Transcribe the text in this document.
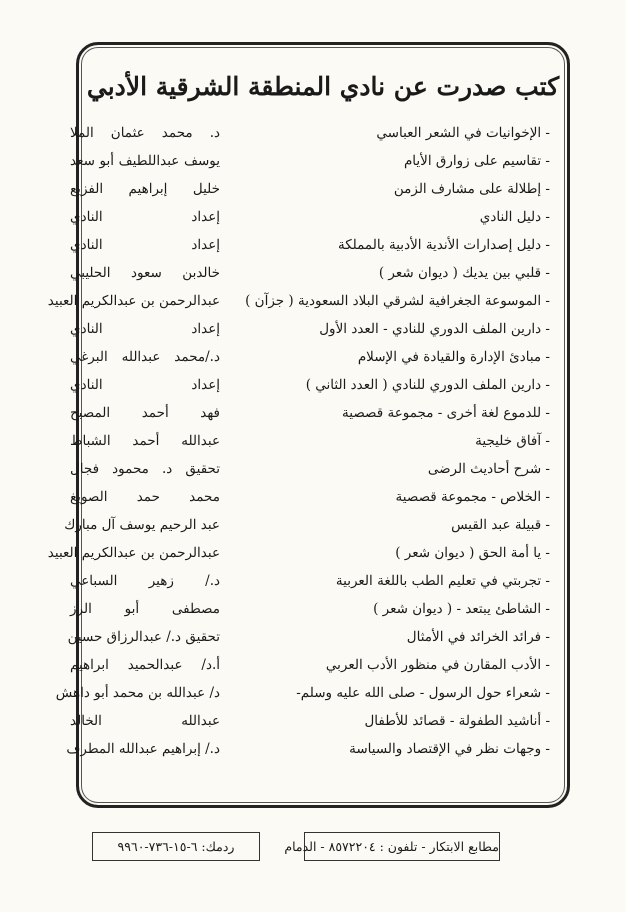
كتب صدرت عن نادي المنطقة الشرقية الأدبي
- الإخوانيات في الشعر العباسي
د. محمد عثمان الملا
- تقاسيم على زوارق الأيام
يوسف عبداللطيف أبو سعد
- إطلالة على مشارف الزمن
خليل إبراهيم الفزيع
- دليل النادي
إعداد النادي
- دليل إصدارات الأندية الأدبية بالمملكة
إعداد النادي
- قلبي بين يديك ( ديوان شعر )
خالدبن سعود الحليبي
- الموسوعة الجغرافية لشرقي البلاد السعودية ( جزآن )
عبدالرحمن بن عبدالكريم العبيد
- دارين الملف الدوري للنادي - العدد الأول
إعداد النادي
- مبادئ الإدارة والقيادة في الإسلام
د./محمد عبدالله البرغي
- دارين الملف الدوري للنادي ( العدد الثاني )
إعداد النادي
- للدموع لغة أخرى - مجموعة قصصية
فهد أحمد المصبح
- آفاق خليجية
عبدالله أحمد الشباط
- شرح أحاديث الرضى
تحقيق د. محمود فجال
- الخلاص - مجموعة قصصية
محمد حمد الصويغ
- قبيلة عبد القيس
عبد الرحيم يوسف آل مبارك
- يا أمة الحق ( ديوان شعر )
عبدالرحمن بن عبدالكريم العبيد
- تجربتي في تعليم الطب باللغة العربية
د./ زهير السباعي
- الشاطئ يبتعد - ( ديوان شعر )
مصطفى أبو الرز
- فرائد الخرائد في الأمثال
تحقيق د./ عبدالرزاق حسين
- الأدب المقارن في منظور الأدب العربي
أ.د/ عبدالحميد ابراهيم
- شعراء حول الرسول - صلى الله عليه وسلم-
د/ عبدالله بن محمد أبو داهش
- أناشيد الطفولة - قصائد للأطفال
عبدالله الخالد
- وجهات نظر في الإقتصاد والسياسة
د./ إبراهيم عبدالله المطرف
مطابع الابتكار - تلفون : ٨٥٧٢٢٠٤ - الدمام
ردمك: ٦-١٥-٧٣٦-٩٩٦٠
